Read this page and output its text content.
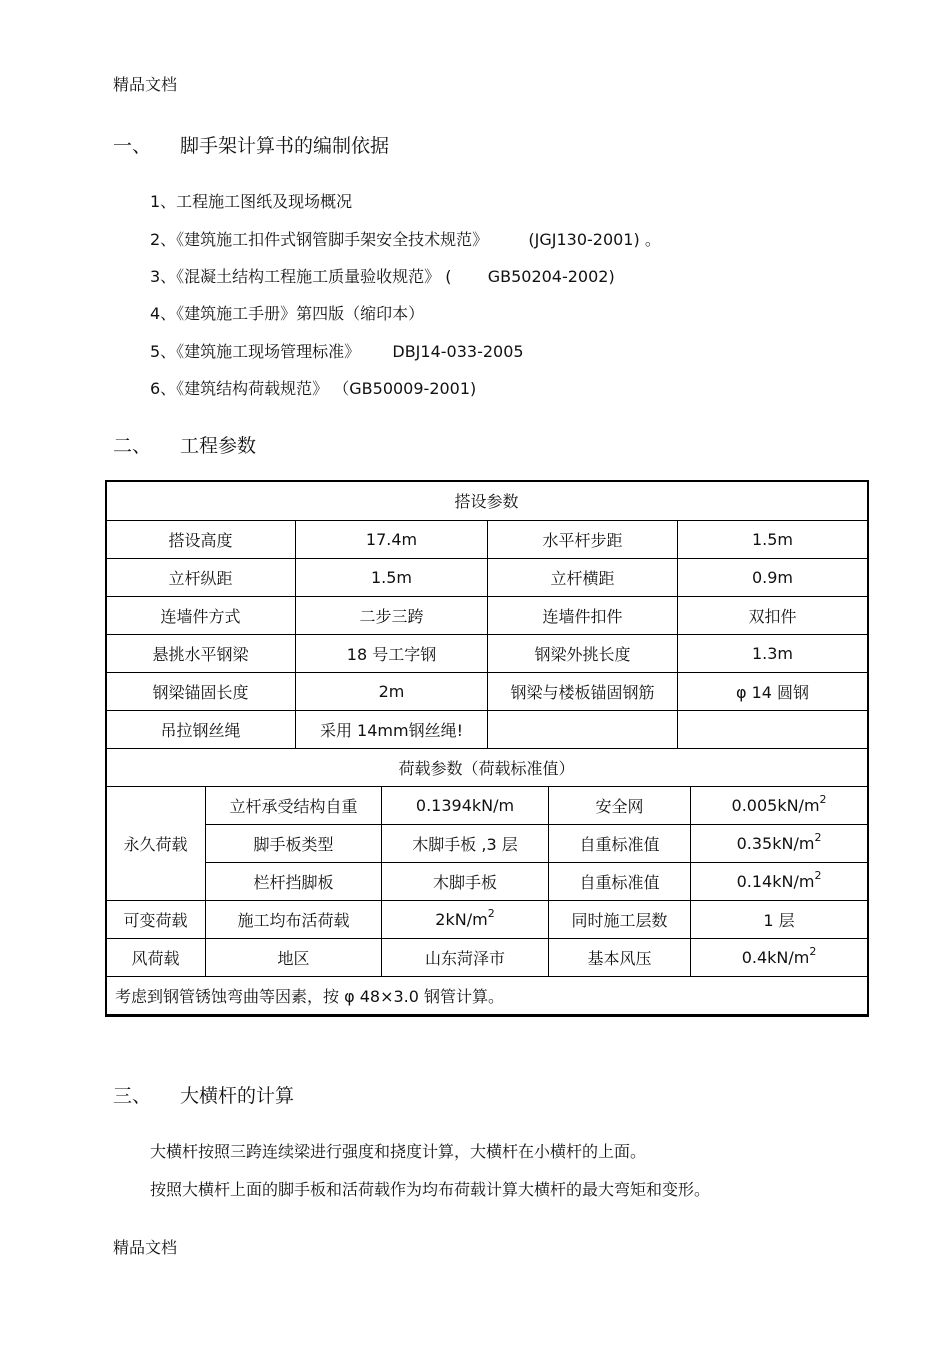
精品文档
一、 脚手架计算书的编制依据
1、工程施工图纸及现场概况
2、《建筑施工扣件式钢管脚手架安全技术规范》	(JGJ130-2001) 。
3、《混凝土结构工程施工质量验收规范》 ( GB50204-2002)
4、《建筑施工手册》第四版（缩印本）
5、《建筑施工现场管理标准》 DBJ14-033-2005
6、《建筑结构荷载规范》 （GB50009-2001)
二、 工程参数
搭设参数			
搭设高度	17.4m	水平杆步距	1.5m
立杆纵距	1.5m	立杆横距	0.9m
连墙件方式	二步三跨	连墙件扣件	双扣件
悬挑水平钢梁	18 号工字钢	钢梁外挑长度	1.3m
钢梁锚固长度	2m	钢梁与楼板锚固钢筋	φ 14 圆钢
吊拉钢丝绳	采用 14mm钢丝绳!		
荷载参数（荷载标准值）				
永久荷载	立杆承受结构自重	0.1394kN/m	安全网	$0.005kN/m^2$
	脚手板类型	木脚手板 ,3 层	自重标准值	$0.35kN/m^2$
	栏杆挡脚板	木脚手板	自重标准值	$0.14kN/m^2$
可变荷载	施工均布活荷载	$2kN/m^2$	同时施工层数	1 层
风荷载	地区	山东菏泽市	基本风压	$0.4kN/m^2$
考虑到钢管锈蚀弯曲等因素，按 φ 48×3.0 钢管计算。				
三、 大横杆的计算
大横杆按照三跨连续梁进行强度和挠度计算，大横杆在小横杆的上面。
按照大横杆上面的脚手板和活荷载作为均布荷载计算大横杆的最大弯矩和变形。
精品文档
